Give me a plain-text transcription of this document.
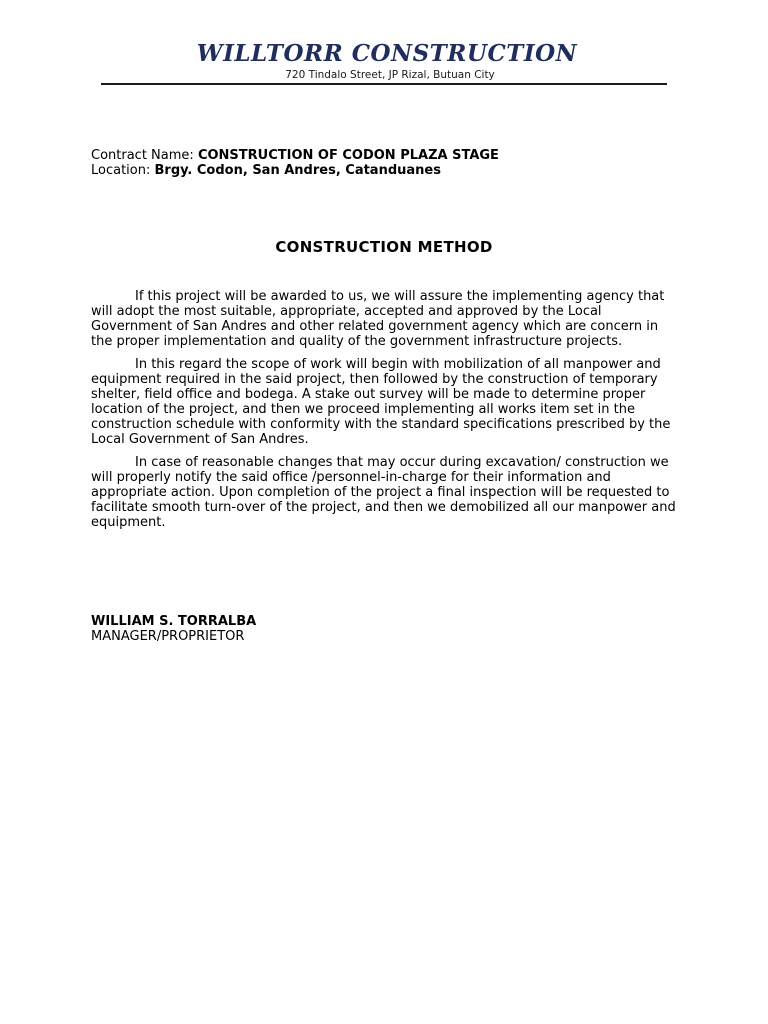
WILLTORR CONSTRUCTION
720 Tindalo Street, JP Rizal, Butuan City
Contract Name: CONSTRUCTION OF CODON PLAZA STAGE
Location: Brgy. Codon, San Andres, Catanduanes
CONSTRUCTION METHOD

If this project will be awarded to us, we will assure the implementing agency that will adopt the most suitable, appropriate, accepted and approved by the Local Government of San Andres and other related government agency which are concern in the proper implementation and quality of the government infrastructure projects.

In this regard the scope of work will begin with mobilization of all manpower and equipment required in the said project, then followed by the construction of temporary shelter, field office and bodega. A stake out survey will be made to determine proper location of the project, and then we proceed implementing all works item set in the construction schedule with conformity with the standard specifications prescribed by the Local Government of San Andres.

In case of reasonable changes that may occur during excavation/ construction we will properly notify the said office /personnel-in-charge for their information and appropriate action. Upon completion of the project a final inspection will be requested to facilitate smooth turn-over of the project, and then we demobilized all our manpower and equipment.

WILLIAM S. TORRALBA
MANAGER/PROPRIETOR
